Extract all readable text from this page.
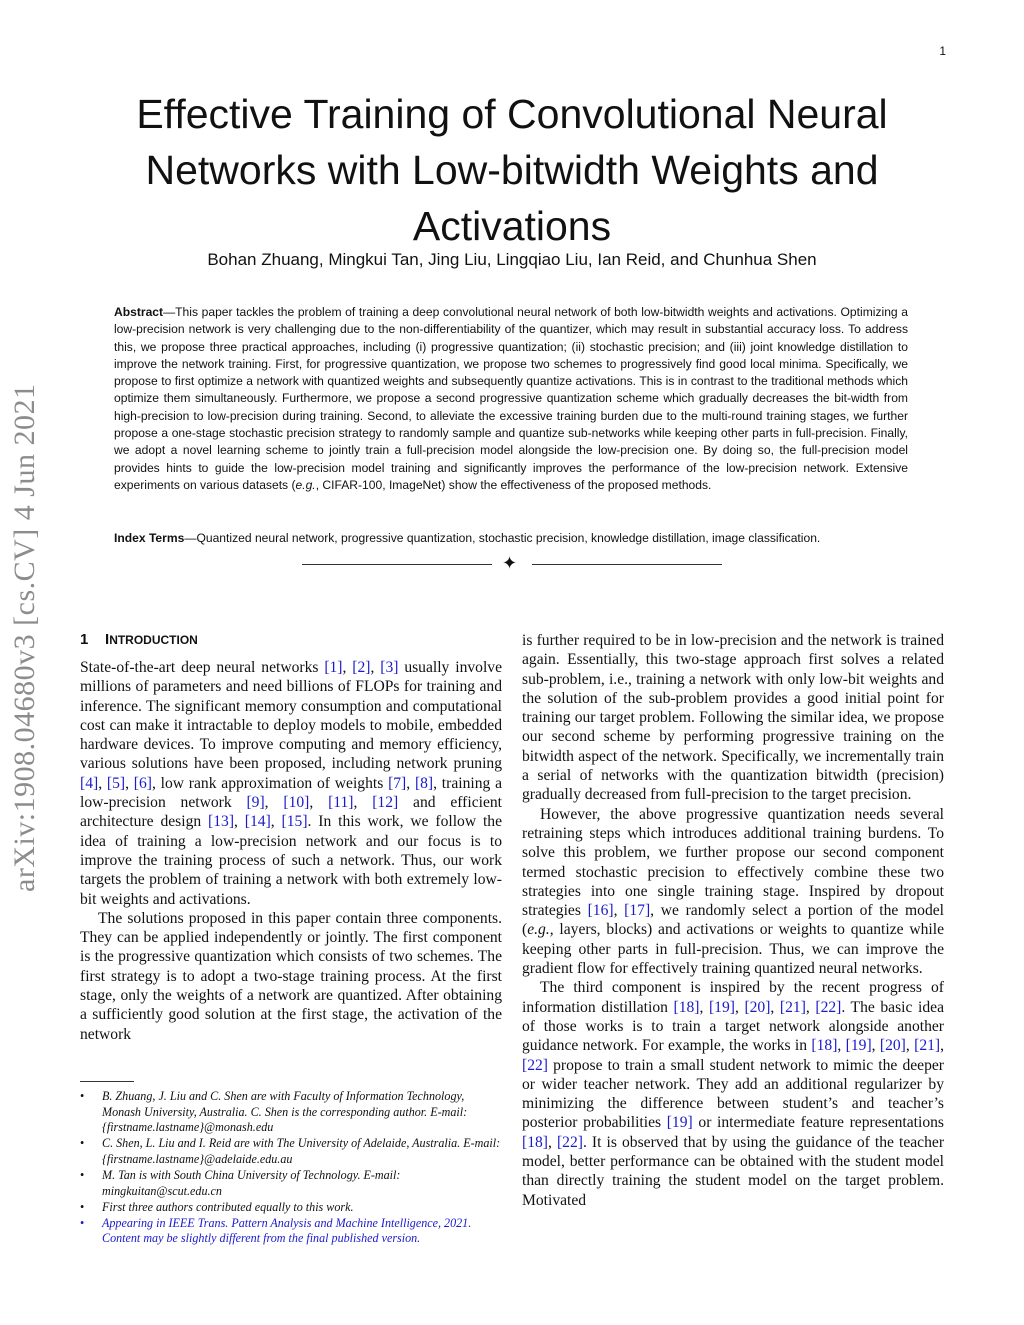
1
arXiv:1908.04680v3 [cs.CV] 4 Jun 2021
Effective Training of Convolutional Neural Networks with Low-bitwidth Weights and Activations
Bohan Zhuang, Mingkui Tan, Jing Liu, Lingqiao Liu, Ian Reid, and Chunhua Shen

Abstract—This paper tackles the problem of training a deep convolutional neural network of both low-bitwidth weights and activations. Optimizing a low-precision network is very challenging due to the non-differentiability of the quantizer, which may result in substantial accuracy loss. To address this, we propose three practical approaches, including (i) progressive quantization; (ii) stochastic precision; and (iii) joint knowledge distillation to improve the network training. First, for progressive quantization, we propose two schemes to progressively find good local minima. Specifically, we propose to first optimize a network with quantized weights and subsequently quantize activations. This is in contrast to the traditional methods which optimize them simultaneously. Furthermore, we propose a second progressive quantization scheme which gradually decreases the bit-width from high-precision to low-precision during training. Second, to alleviate the excessive training burden due to the multi-round training stages, we further propose a one-stage stochastic precision strategy to randomly sample and quantize sub-networks while keeping other parts in full-precision. Finally, we adopt a novel learning scheme to jointly train a full-precision model alongside the low-precision one. By doing so, the full-precision model provides hints to guide the low-precision model training and significantly improves the performance of the low-precision network. Extensive experiments on various datasets (e.g., CIFAR-100, ImageNet) show the effectiveness of the proposed methods.

Index Terms—Quantized neural network, progressive quantization, stochastic precision, knowledge distillation, image classification.

✦
1 INTRODUCTION

State-of-the-art deep neural networks [1], [2], [3] usually involve millions of parameters and need billions of FLOPs for training and inference. The significant memory consumption and computational cost can make it intractable to deploy models to mobile, embedded hardware devices. To improve computing and memory efficiency, various solutions have been proposed, including network pruning [4], [5], [6], low rank approximation of weights [7], [8], training a low-precision network [9], [10], [11], [12] and efficient architecture design [13], [14], [15]. In this work, we follow the idea of training a low-precision network and our focus is to improve the training process of such a network. Thus, our work targets the problem of training a network with both extremely low-bit weights and activations.

The solutions proposed in this paper contain three components. They can be applied independently or jointly. The first component is the progressive quantization which consists of two schemes. The first strategy is to adopt a two-stage training process. At the first stage, only the weights of a network are quantized. After obtaining a sufficiently good solution at the first stage, the activation of the network

is further required to be in low-precision and the network is trained again. Essentially, this two-stage approach first solves a related sub-problem, i.e., training a network with only low-bit weights and the solution of the sub-problem provides a good initial point for training our target problem. Following the similar idea, we propose our second scheme by performing progressive training on the bitwidth aspect of the network. Specifically, we incrementally train a serial of networks with the quantization bitwidth (precision) gradually decreased from full-precision to the target precision.

However, the above progressive quantization needs several retraining steps which introduces additional training burdens. To solve this problem, we further propose our second component termed stochastic precision to effectively combine these two strategies into one single training stage. Inspired by dropout strategies [16], [17], we randomly select a portion of the model (e.g., layers, blocks) and activations or weights to quantize while keeping other parts in full-precision. Thus, we can improve the gradient flow for effectively training quantized neural networks.

The third component is inspired by the recent progress of information distillation [18], [19], [20], [21], [22]. The basic idea of those works is to train a target network alongside another guidance network. For example, the works in [18], [19], [20], [21], [22] propose to train a small student network to mimic the deeper or wider teacher network. They add an additional regularizer by minimizing the difference between student’s and teacher’s posterior probabilities [19] or intermediate feature representations [18], [22]. It is observed that by using the guidance of the teacher model, better performance can be obtained with the student model than directly training the student model on the target problem. Motivated

• B. Zhuang, J. Liu and C. Shen are with Faculty of Information Technology, Monash University, Australia. C. Shen is the corresponding author. E-mail: {firstname.lastname}@monash.edu
• C. Shen, L. Liu and I. Reid are with The University of Adelaide, Australia. E-mail: {firstname.lastname}@adelaide.edu.au
• M. Tan is with South China University of Technology. E-mail: mingkuitan@scut.edu.cn
• First three authors contributed equally to this work.
• Appearing in IEEE Trans. Pattern Analysis and Machine Intelligence, 2021. Content may be slightly different from the final published version.
